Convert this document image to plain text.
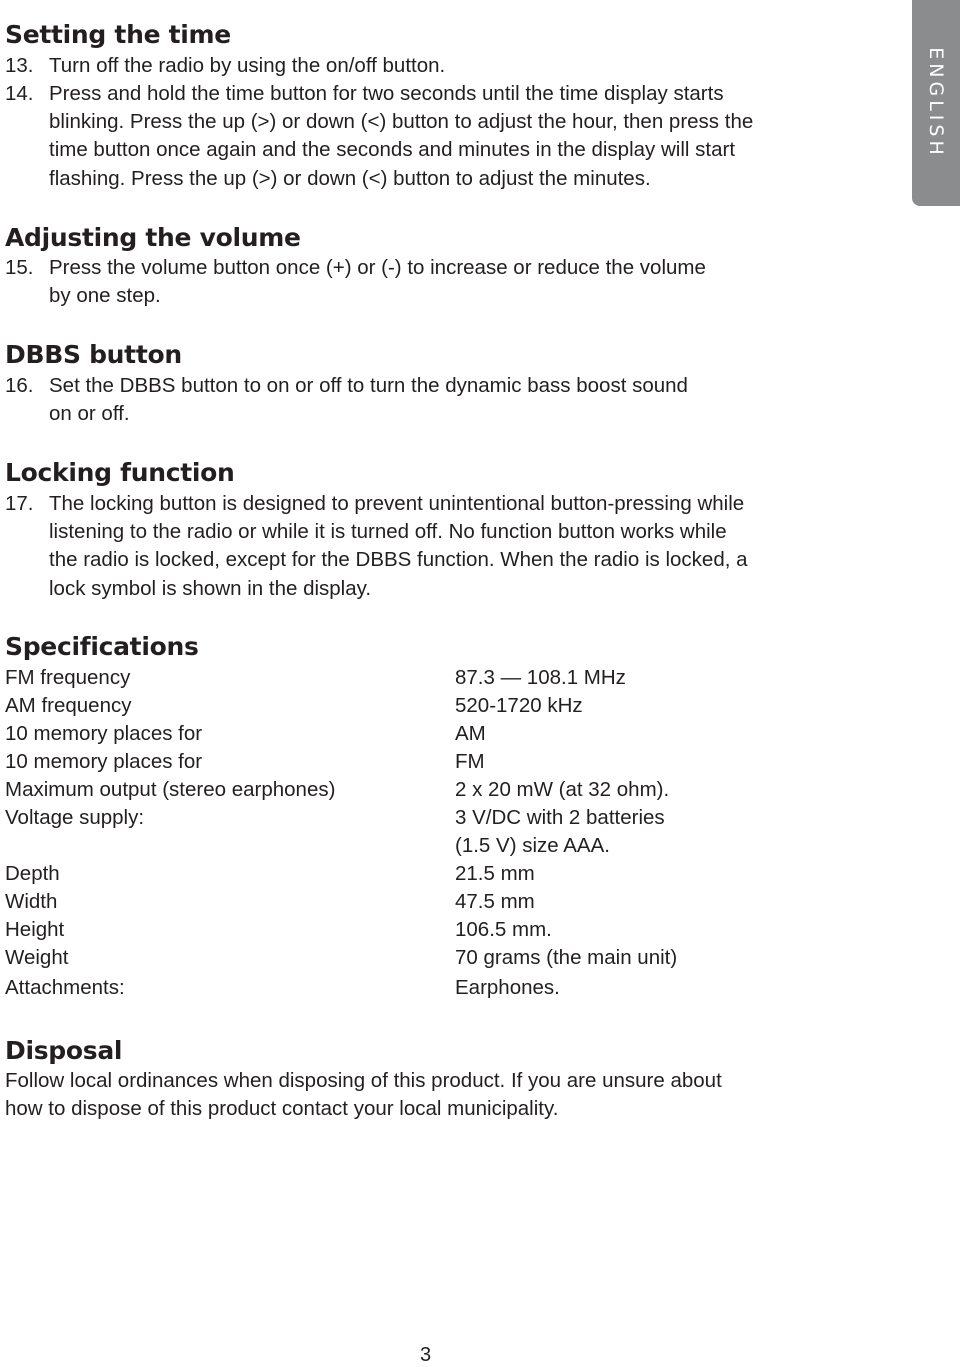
ENGLISH
Setting the time
13. Turn off the radio by using the on/off button.
14. Press and hold the time button for two seconds until the time display starts
blinking. Press the up (>) or down (<) button to adjust the hour, then press the
time button once again and the seconds and minutes in the display will start
flashing. Press the up (>) or down (<) button to adjust the minutes.
Adjusting the volume
15. Press the volume button once (+) or (-) to increase or reduce the volume
by one step.
DBBS button
16. Set the DBBS button to on or off to turn the dynamic bass boost sound
on or off.
Locking function
17. The locking button is designed to prevent unintentional button-pressing while
listening to the radio or while it is turned off. No function button works while
the radio is locked, except for the DBBS function. When the radio is locked, a
lock symbol is shown in the display.
Specifications
FM frequency	87.3 — 108.1 MHz
AM frequency	520-1720 kHz
10 memory places for	AM
10 memory places for	FM
Maximum output (stereo earphones)	2 x 20 mW (at 32 ohm).
Voltage supply:	3 V/DC with 2 batteries
(1.5 V) size AAA.
Depth	21.5 mm
Width	47.5 mm
Height	106.5 mm.
Weight	70 grams (the main unit)
Attachments:	Earphones.
Disposal
Follow local ordinances when disposing of this product. If you are unsure about
how to dispose of this product contact your local municipality.
3
